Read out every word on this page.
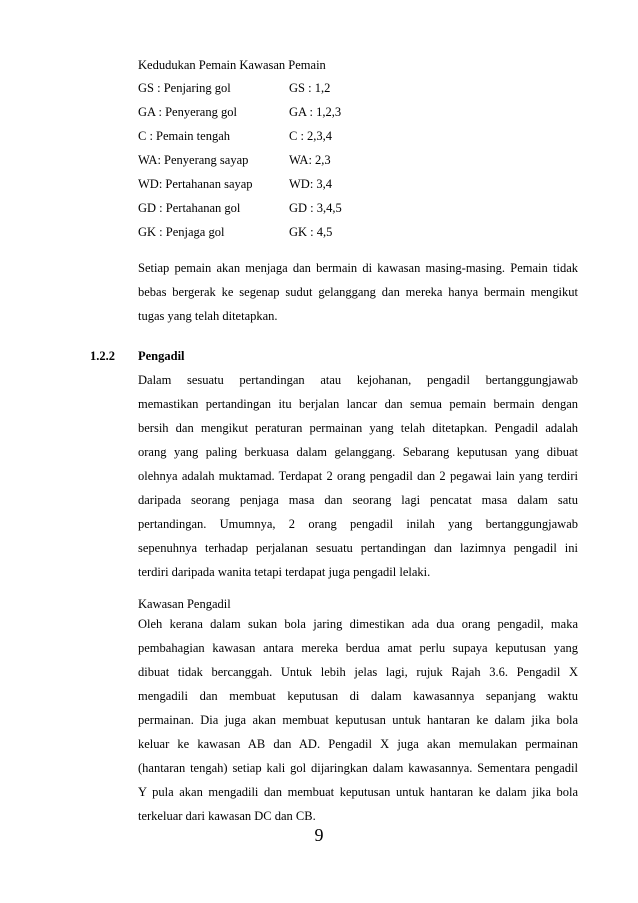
Kedudukan Pemain Kawasan Pemain
GS : Penjaring gol	GS : 1,2
GA : Penyerang gol	GA : 1,2,3
C : Pemain tengah	C : 2,3,4
WA: Penyerang sayap	WA: 2,3
WD: Pertahanan sayap	WD: 3,4
GD : Pertahanan gol	GD : 3,4,5
GK : Penjaga gol	GK : 4,5
Setiap pemain akan menjaga dan bermain di kawasan masing-masing. Pemain tidak
bebas bergerak ke segenap sudut gelanggang dan mereka hanya bermain mengikut
tugas yang telah ditetapkan.
1.2.2 Pengadil
Dalam sesuatu pertandingan atau kejohanan, pengadil bertanggungjawab
memastikan pertandingan itu berjalan lancar dan semua pemain bermain dengan
bersih dan mengikut peraturan permainan yang telah ditetapkan. Pengadil adalah
orang yang paling berkuasa dalam gelanggang. Sebarang keputusan yang dibuat
olehnya adalah muktamad. Terdapat 2 orang pengadil dan 2 pegawai lain yang terdiri
daripada seorang penjaga masa dan seorang lagi pencatat masa dalam satu
pertandingan. Umumnya, 2 orang pengadil inilah yang bertanggungjawab
sepenuhnya terhadap perjalanan sesuatu pertandingan dan lazimnya pengadil ini
terdiri daripada wanita tetapi terdapat juga pengadil lelaki.
Kawasan Pengadil
Oleh kerana dalam sukan bola jaring dimestikan ada dua orang pengadil, maka
pembahagian kawasan antara mereka berdua amat perlu supaya keputusan yang
dibuat tidak bercanggah. Untuk lebih jelas lagi, rujuk Rajah 3.6. Pengadil X
mengadili dan membuat keputusan di dalam kawasannya sepanjang waktu
permainan. Dia juga akan membuat keputusan untuk hantaran ke dalam jika bola
keluar ke kawasan AB dan AD. Pengadil X juga akan memulakan permainan
(hantaran tengah) setiap kali gol dijaringkan dalam kawasannya. Sementara pengadil
Y pula akan mengadili dan membuat keputusan untuk hantaran ke dalam jika bola
terkeluar dari kawasan DC dan CB.
9
